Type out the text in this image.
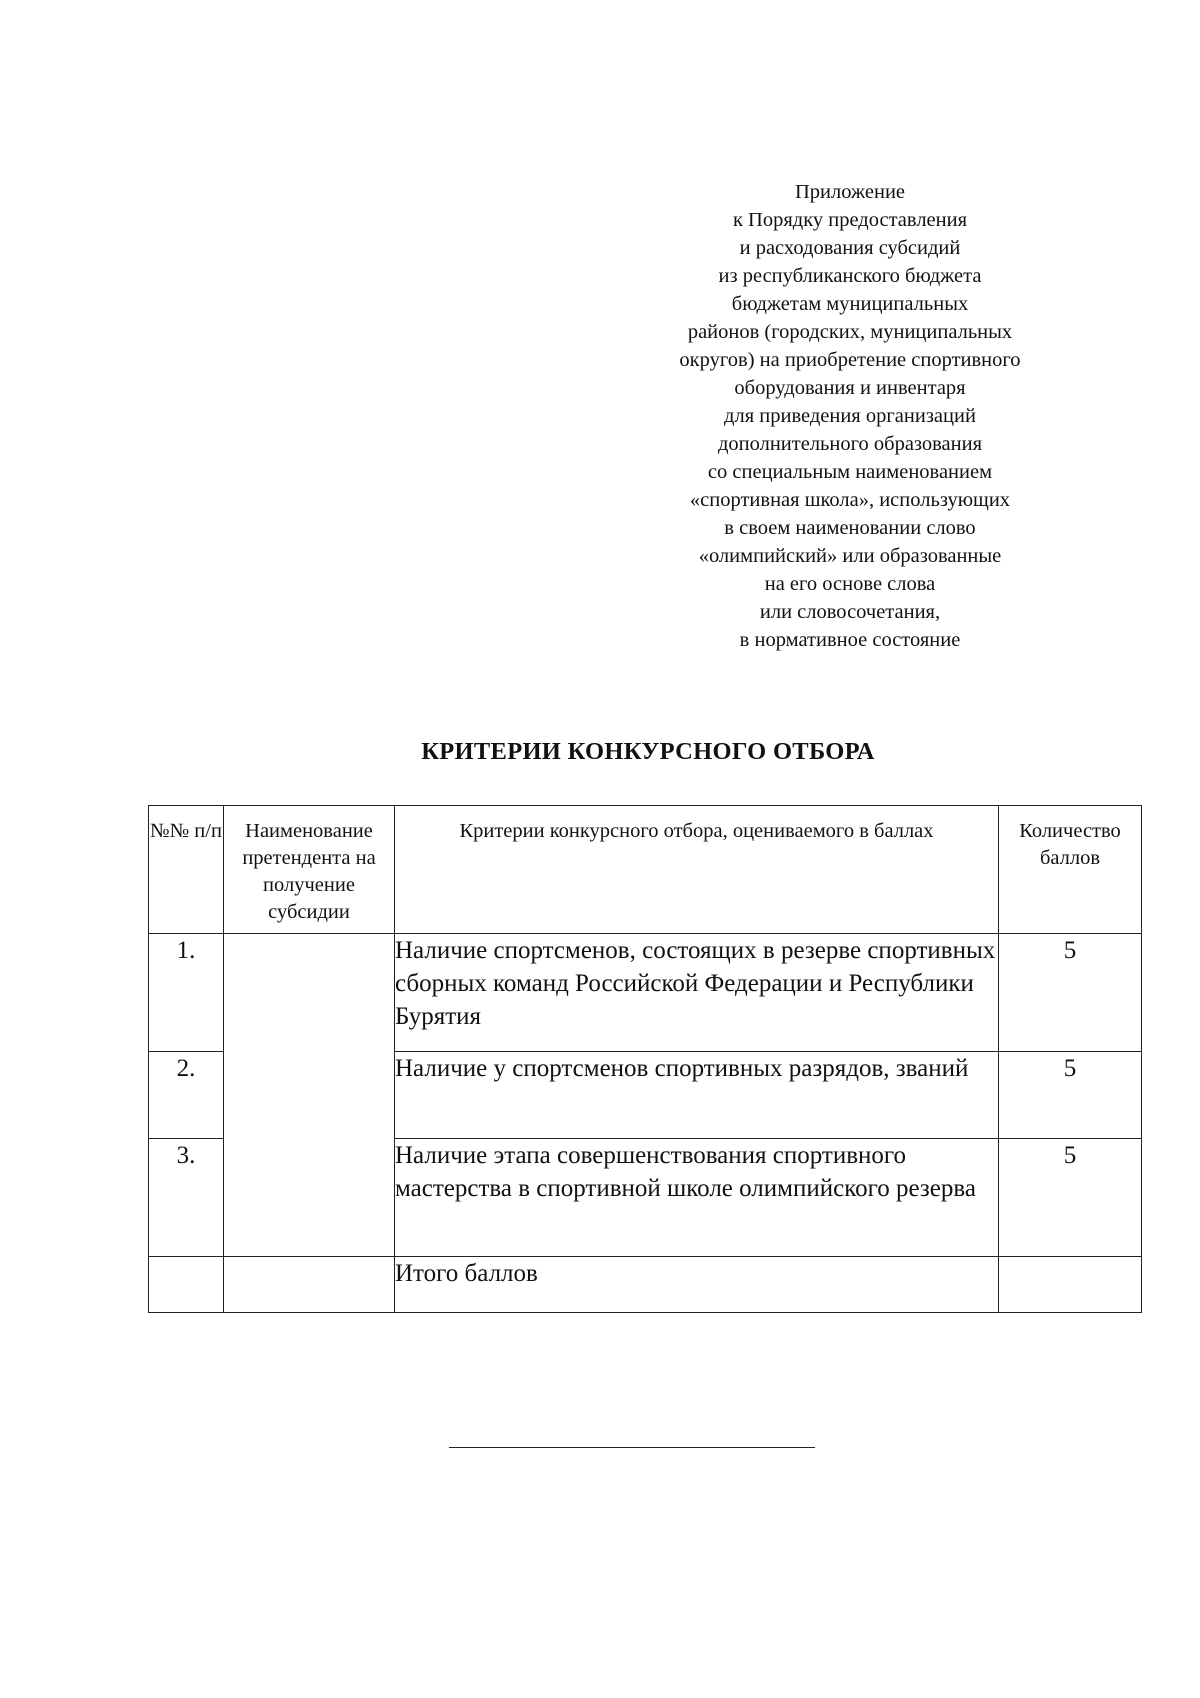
Приложение
к Порядку предоставления
и расходования субсидий
из республиканского бюджета
бюджетам муниципальных
районов (городских, муниципальных
округов) на приобретение спортивного
оборудования и инвентаря
для приведения организаций
дополнительного образования
со специальным наименованием
«спортивная школа», использующих
в своем наименовании слово
«олимпийский» или образованные
на его основе слова
или словосочетания,
в нормативное состояние
КРИТЕРИИ КОНКУРСНОГО ОТБОРА
№№ п/п	Наименование претендента на получение субсидии	Критерии конкурсного отбора, оцениваемого в баллах	Количество баллов
1.		Наличие спортсменов, состоящих в резерве спортивных сборных команд Российской Федерации и Республики Бурятия	5
2.		Наличие у спортсменов спортивных разрядов, званий	5
3.		Наличие этапа совершенствования спортивного мастерства в спортивной школе олимпийского резерва	5
		Итого баллов	
